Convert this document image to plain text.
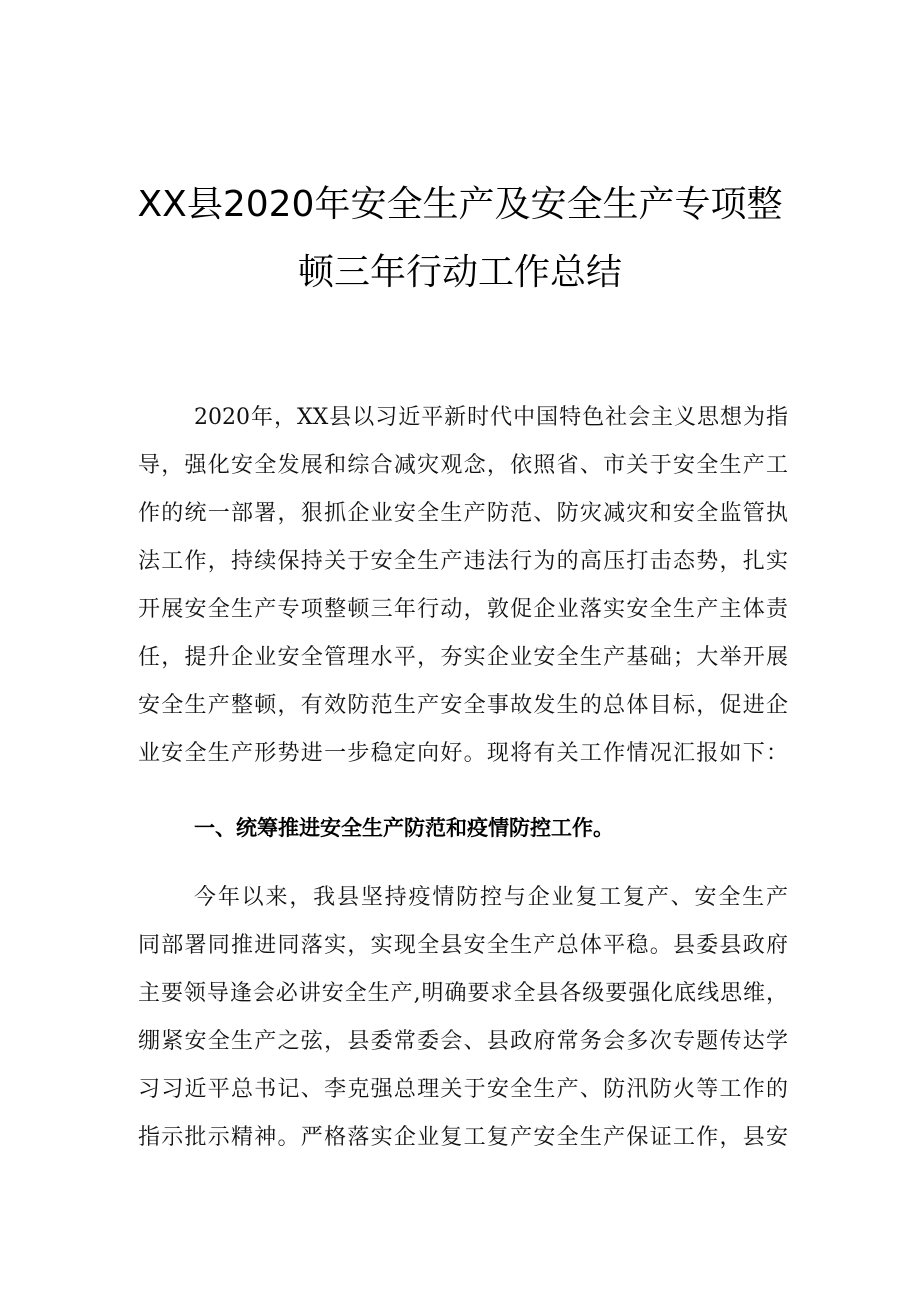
XX县2020年安全生产及安全生产专项整
顿三年行动工作总结
2020年，XX县以习近平新时代中国特色社会主义思想为指
导，强化安全发展和综合减灾观念，依照省、市关于安全生产工
作的统一部署，狠抓企业安全生产防范、防灾减灾和安全监管执
法工作，持续保持关于安全生产违法行为的高压打击态势，扎实
开展安全生产专项整顿三年行动，敦促企业落实安全生产主体责
任，提升企业安全管理水平，夯实企业安全生产基础；大举开展
安全生产整顿，有效防范生产安全事故发生的总体目标，促进企
业安全生产形势进一步稳定向好。现将有关工作情况汇报如下：
一、统筹推进安全生产防范和疫情防控工作。
今年以来，我县坚持疫情防控与企业复工复产、安全生产
同部署同推进同落实，实现全县安全生产总体平稳。县委县政府
主要领导逢会必讲安全生产,明确要求全县各级要强化底线思维，
绷紧安全生产之弦，县委常委会、县政府常务会多次专题传达学
习习近平总书记、李克强总理关于安全生产、防汛防火等工作的
指示批示精神。严格落实企业复工复产安全生产保证工作，县安
